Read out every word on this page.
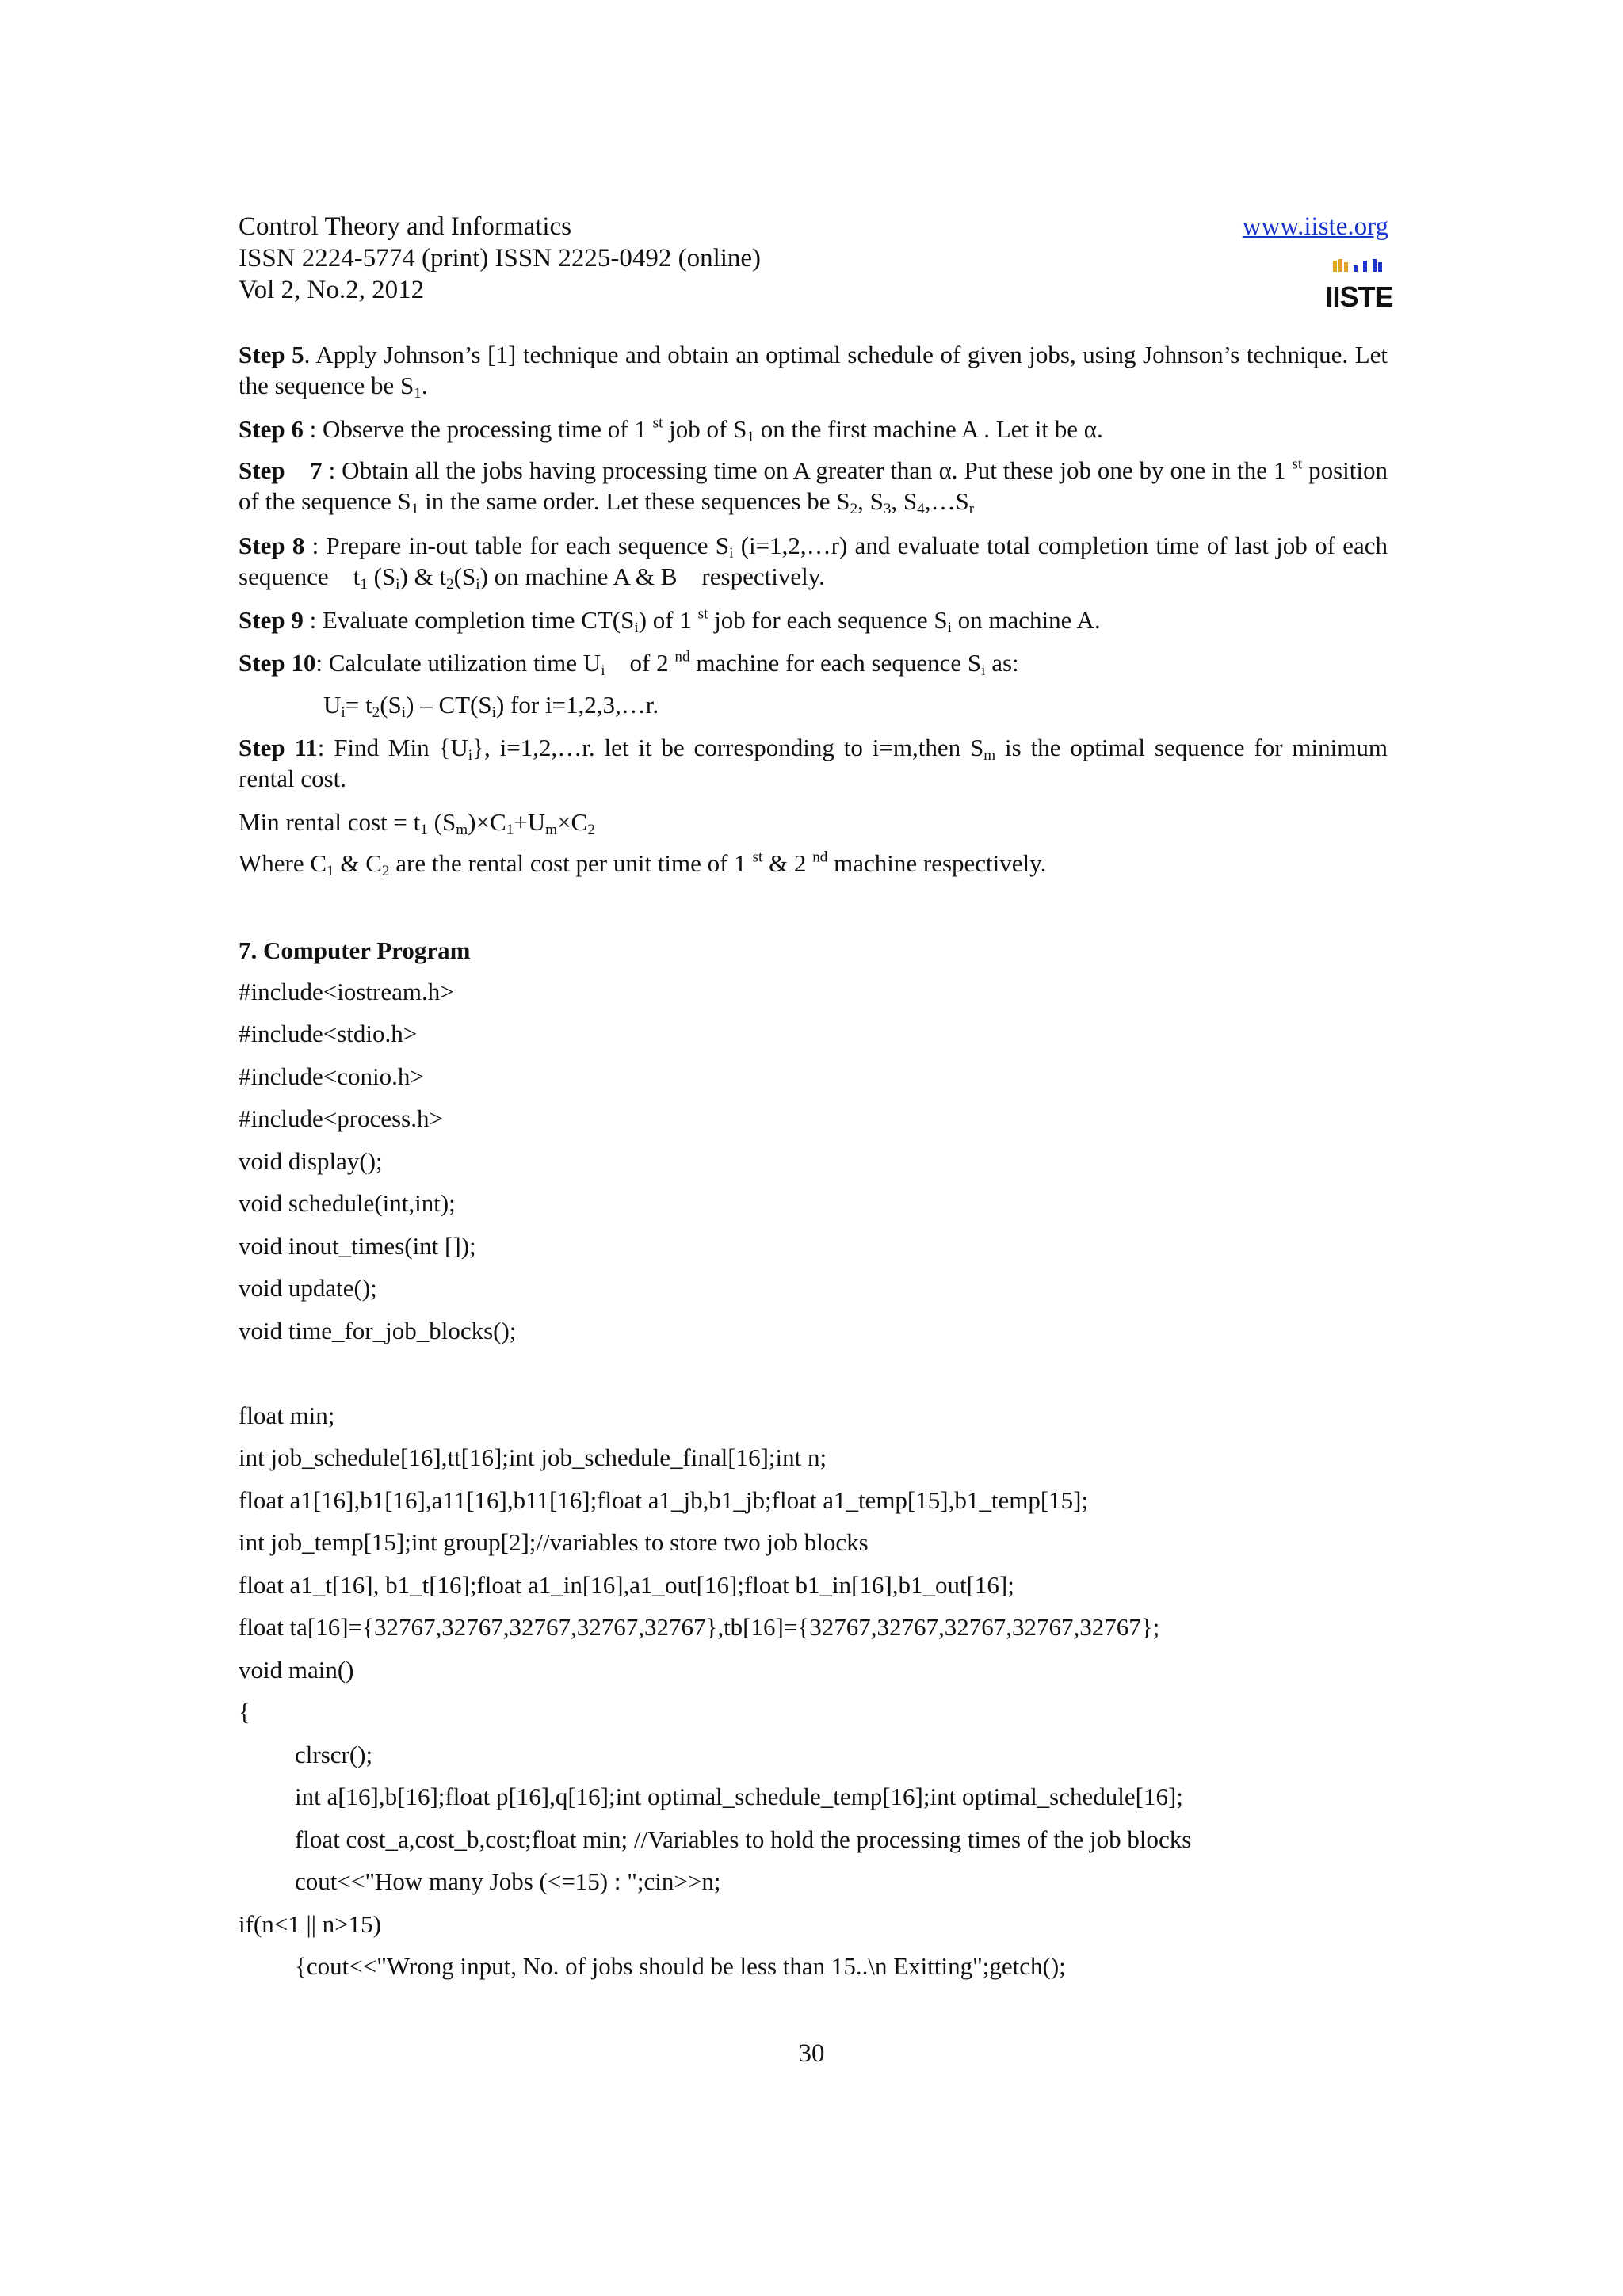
Control Theory and Informatics
ISSN 2224-5774 (print) ISSN 2225-0492 (online)
Vol 2, No.2, 2012
www.iiste.org
IISTE
Step 5. Apply Johnson’s [1] technique and obtain an optimal schedule of given jobs, using Johnson’s technique. Let the sequence be $S_1$.
Step 6 : Observe the processing time of 1 $^{st}$ job of $S_1$ on the first machine A . Let it be α.
Step    7 : Obtain all the jobs having processing time on A greater than α. Put these job one by one in the 1 $^{st}$ position of the sequence $S_1$ in the same order. Let these sequences be $S_2$, $S_3$, $S_4,\dots S_r$
Step 8 : Prepare in-out table for each sequence $S_i$ (i=1,2,…r) and evaluate total completion time of last job of each sequence    $t_1$ $(S_i)$ & $t_2(S_i)$ on machine A & B    respectively.
Step 9 : Evaluate completion time $CT(S_i)$ of 1 $^{st}$ job for each sequence $S_i$ on machine A.
Step 10: Calculate utilization time $U_i$    of 2 $^{nd}$ machine for each sequence $S_i$ as:
$U_i= t_2(S_i) - CT(S_i)$ for i=1,2,3,…r.
Step 11: Find Min $\{U_i\}$, i=1,2,…r. let it be corresponding to i=m,then $S_m$ is the optimal sequence for minimum rental cost.
Min rental $\cos t = t_1$ $(S_m)\times C_1+U_m\times C_2$
Where $C_1$ & $C_2$ are the rental cost per unit time of 1 $^{st}$ & 2 $^{nd}$ machine respectively.
7. Computer Program
#include<iostream.h>
#include<stdio.h>
#include<conio.h>
#include<process.h>
void display();
void schedule(int,int);
void inout_times(int []);
void update();
void time_for_job_blocks();
float min;
int job_schedule[16],tt[16];int job_schedule_final[16];int n;
float a1[16],b1[16],a11[16],b11[16];float a1_jb,b1_jb;float a1_temp[15],b1_temp[15];
int job_temp[15];int group[2];//variables to store two job blocks
float a1_t[16], b1_t[16];float a1_in[16],a1_out[16];float b1_in[16],b1_out[16];
float ta[16]={32767,32767,32767,32767,32767},tb[16]={32767,32767,32767,32767,32767};
void main()
{
clrscr();
int a[16],b[16];float p[16],q[16];int optimal_schedule_temp[16];int optimal_schedule[16];
float cost_a,cost_b,cost;float min; //Variables to hold the processing times of the job blocks
cout<<"How many Jobs (<=15) : ";cin>>n;
if(n<1 || n>15)
{cout<<"Wrong input, No. of jobs should be less than 15..\n Exitting";getch();
30
